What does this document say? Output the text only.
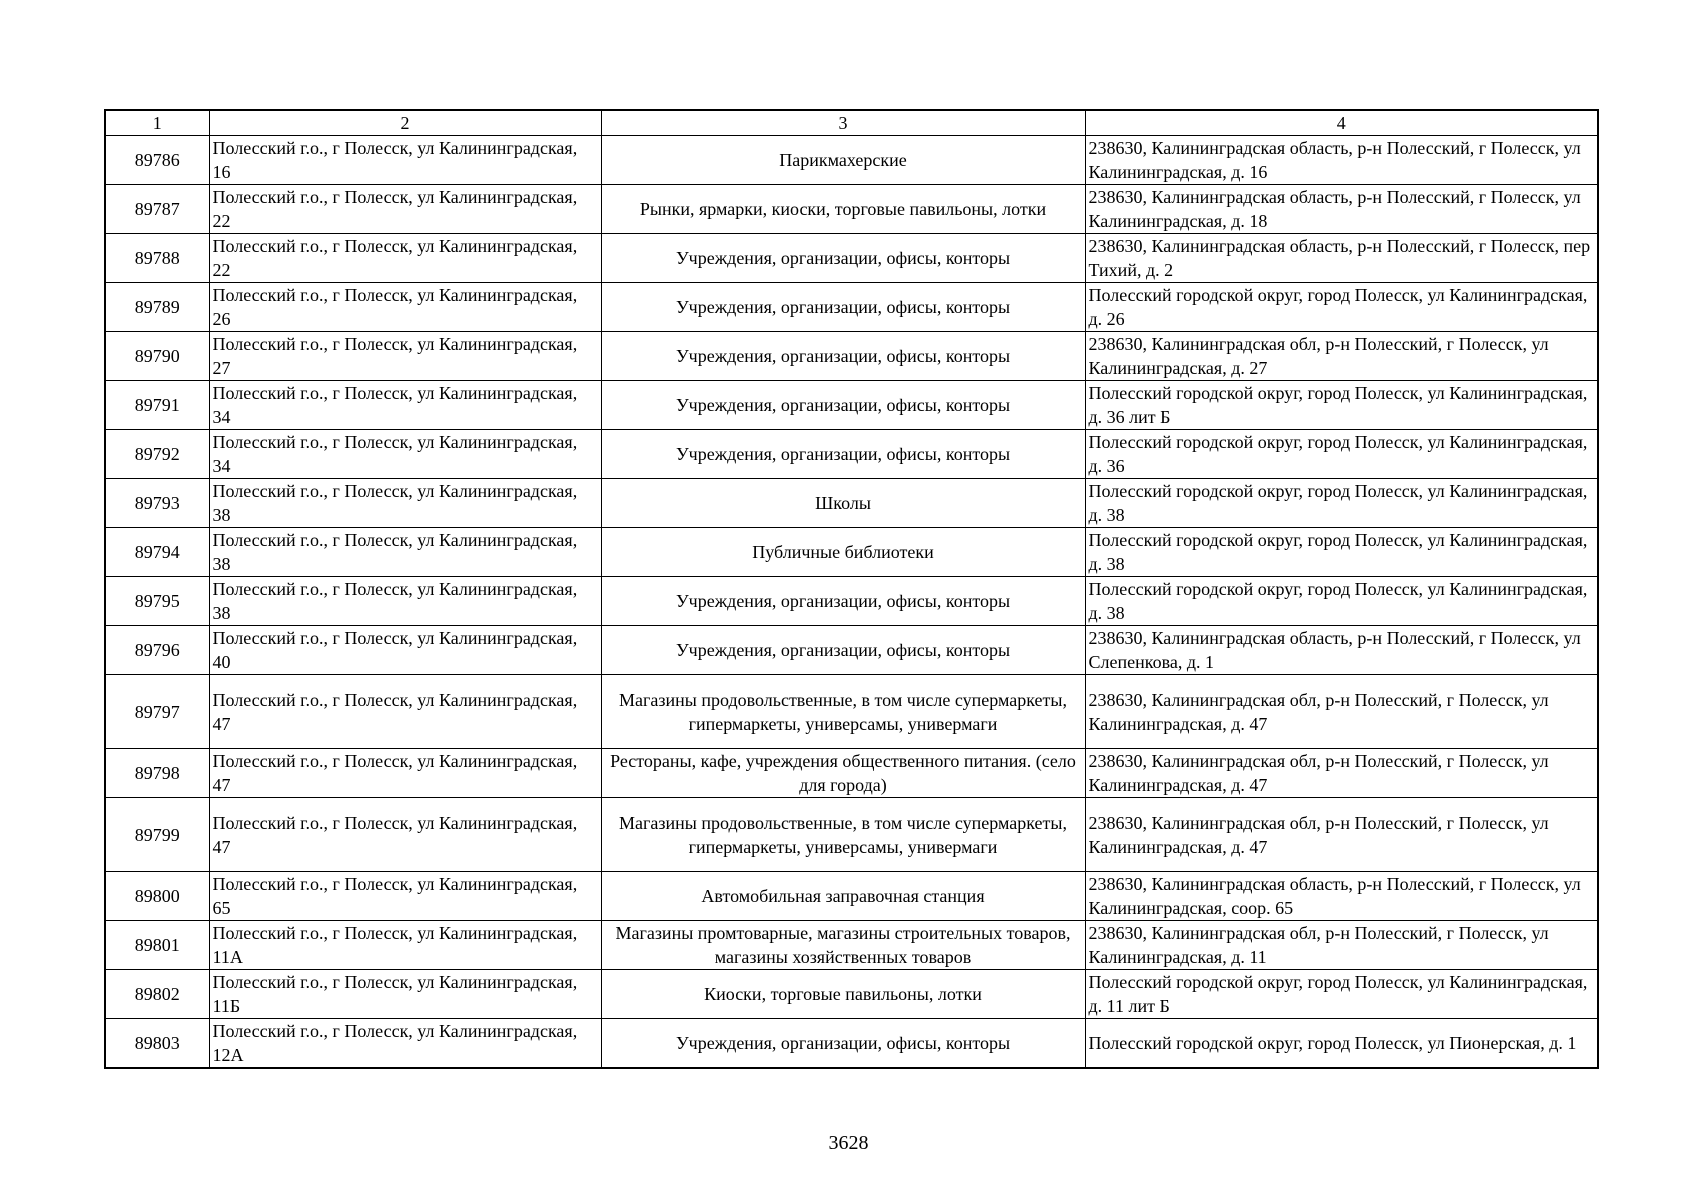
1	2	3	4
89786	Полесский г.о., г Полесск, ул Калининградская, 16	Парикмахерские	238630, Калининградская область, р-н Полесский, г Полесск, ул Калининградская, д. 16
89787	Полесский г.о., г Полесск, ул Калининградская, 22	Рынки, ярмарки, киоски, торговые павильоны, лотки	238630, Калининградская область, р-н Полесский, г Полесск, ул Калининградская, д. 18
89788	Полесский г.о., г Полесск, ул Калининградская, 22	Учреждения, организации, офисы, конторы	238630, Калининградская область, р-н Полесский, г Полесск, пер Тихий, д. 2
89789	Полесский г.о., г Полесск, ул Калининградская, 26	Учреждения, организации, офисы, конторы	Полесский городской округ, город Полесск, ул Калининградская, д. 26
89790	Полесский г.о., г Полесск, ул Калининградская, 27	Учреждения, организации, офисы, конторы	238630, Калининградская обл, р-н Полесский, г Полесск, ул Калининградская, д. 27
89791	Полесский г.о., г Полесск, ул Калининградская, 34	Учреждения, организации, офисы, конторы	Полесский городской округ, город Полесск, ул Калининградская, д. 36 лит Б
89792	Полесский г.о., г Полесск, ул Калининградская, 34	Учреждения, организации, офисы, конторы	Полесский городской округ, город Полесск, ул Калининградская, д. 36
89793	Полесский г.о., г Полесск, ул Калининградская, 38	Школы	Полесский городской округ, город Полесск, ул Калининградская, д. 38
89794	Полесский г.о., г Полесск, ул Калининградская, 38	Публичные библиотеки	Полесский городской округ, город Полесск, ул Калининградская, д. 38
89795	Полесский г.о., г Полесск, ул Калининградская, 38	Учреждения, организации, офисы, конторы	Полесский городской округ, город Полесск, ул Калининградская, д. 38
89796	Полесский г.о., г Полесск, ул Калининградская, 40	Учреждения, организации, офисы, конторы	238630, Калининградская область, р-н Полесский, г Полесск, ул Слепенкова, д. 1
89797	Полесский г.о., г Полесск, ул Калининградская, 47	Магазины продовольственные, в том числе супермаркеты, гипермаркеты, универсамы, универмаги	238630, Калининградская обл, р-н Полесский, г Полесск, ул Калининградская, д. 47
89798	Полесский г.о., г Полесск, ул Калининградская, 47	Рестораны, кафе, учреждения общественного питания. (село для города)	238630, Калининградская обл, р-н Полесский, г Полесск, ул Калининградская, д. 47
89799	Полесский г.о., г Полесск, ул Калининградская, 47	Магазины продовольственные, в том числе супермаркеты, гипермаркеты, универсамы, универмаги	238630, Калининградская обл, р-н Полесский, г Полесск, ул Калининградская, д. 47
89800	Полесский г.о., г Полесск, ул Калининградская, 65	Автомобильная заправочная станция	238630, Калининградская область, р-н Полесский, г Полесск, ул Калининградская, соор. 65
89801	Полесский г.о., г Полесск, ул Калининградская, 11А	Магазины промтоварные, магазины строительных товаров, магазины хозяйственных товаров	238630, Калининградская обл, р-н Полесский, г Полесск, ул Калининградская, д. 11
89802	Полесский г.о., г Полесск, ул Калининградская, 11Б	Киоски, торговые павильоны, лотки	Полесский городской округ, город Полесск, ул Калининградская, д. 11 лит Б
89803	Полесский г.о., г Полесск, ул Калининградская, 12А	Учреждения, организации, офисы, конторы	Полесский городской округ, город Полесск, ул Пионерская, д. 1
3628
